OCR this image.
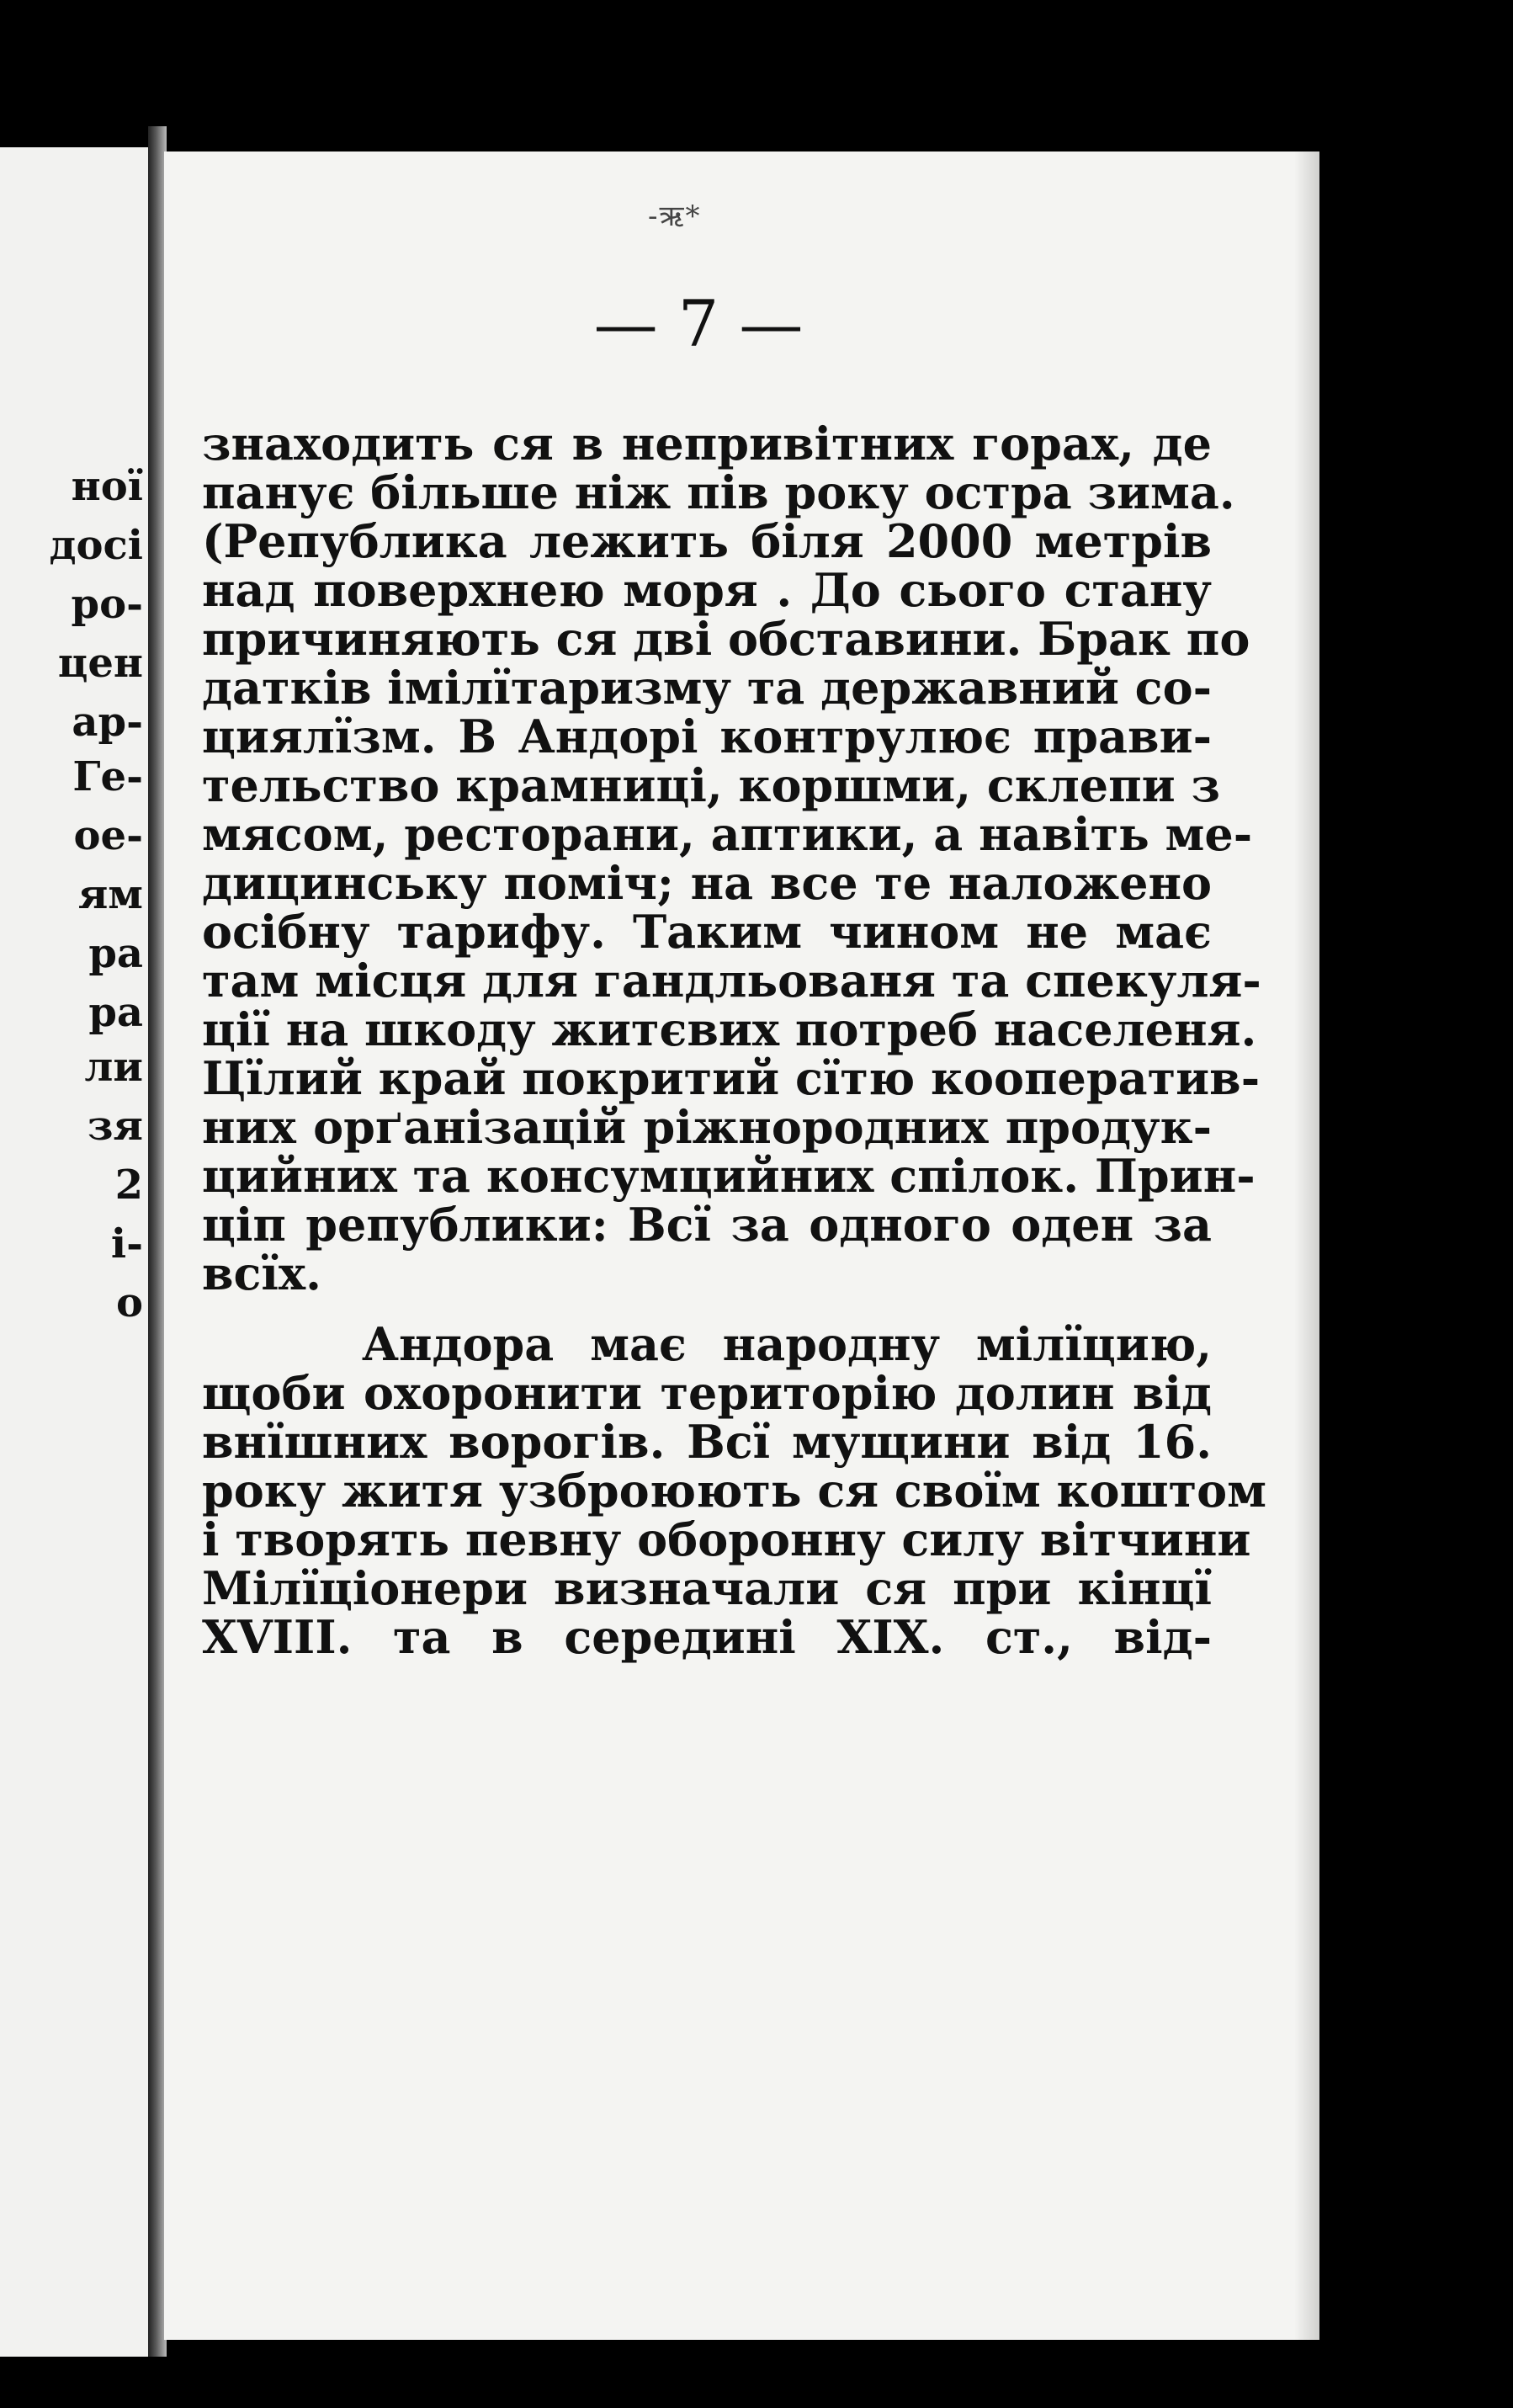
ної
досі
ро-
цен
ар-
Ге-
ое-
ям
ра
ра
ли
зя
2
і-
о
-ऋ*
— 7 —
знаходить ся в непривітних горах, де
панує більше ніж пів року остра зима.
(Република лежить біля 2000 метрів
над поверхнею моря . До сього стану
причиняють ся дві обставини. Брак по
датків імілїтаризму та державний со-
циялїзм. В Андорі контрулює прави-
тельство крамниці, коршми, склепи з
мясом, ресторани, аптики, а навіть ме-
дицинську поміч; на все те наложено
осібну тарифу. Таким чином не має
там місця для гандльованя та спекуля-
ції на шкоду житєвих потреб населеня.
Цїлий край покритий сїтю кооператив-
них орґанізацій ріжнородних продук-
цийних та консумцийних спілок. Прин-
ціп републики: Всї за одного оден за
всїх.
Андора має народну мілїцию,
щоби охоронити територію долин від
внїшних ворогів. Всї мущини від 16.
року житя узброюють ся своїм коштом
і творять певну оборонну силу вітчини
Мілїціонери визначали ся при кінцї
XVIII. та в середині XIX. ст., від-
